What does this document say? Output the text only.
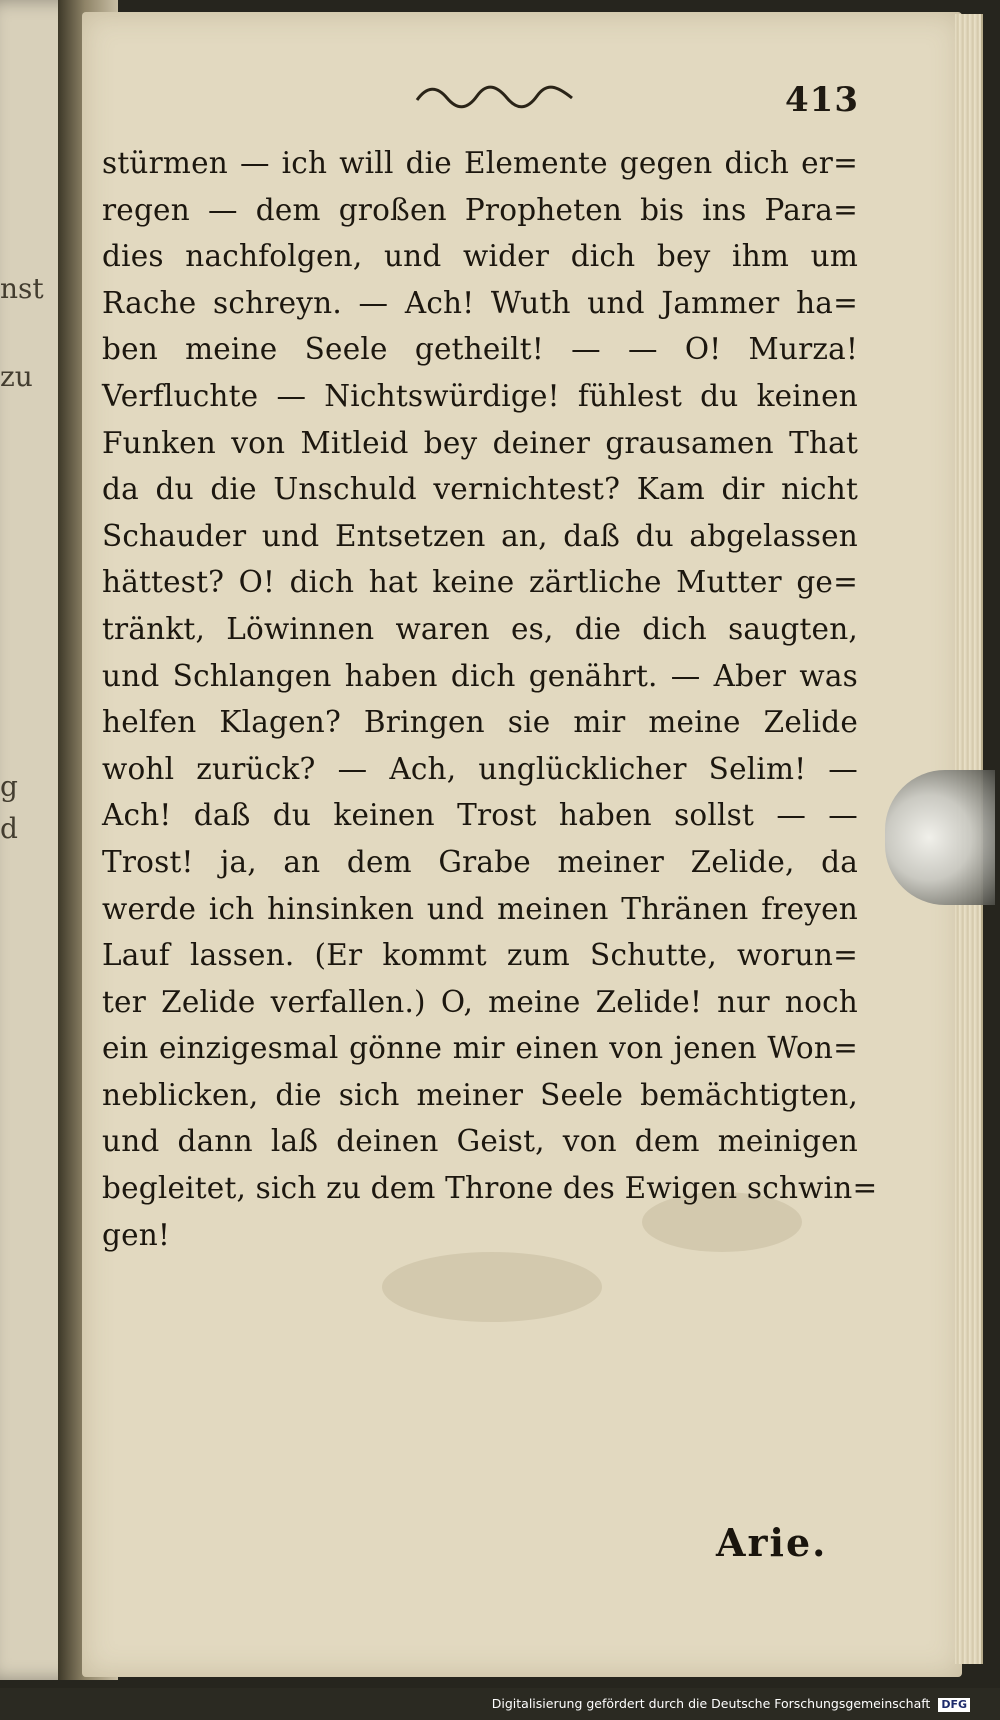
nst
zu
g
d
413
stürmen — ich will die Elemente gegen dich er=
regen — dem großen Propheten bis ins Para=
dies nachfolgen, und wider dich bey ihm um
Rache schreyn. — Ach! Wuth und Jammer ha=
ben meine Seele getheilt! — — O! Murza!
Verfluchte — Nichtswürdige! fühlest du keinen
Funken von Mitleid bey deiner grausamen That
da du die Unschuld vernichtest? Kam dir nicht
Schauder und Entsetzen an, daß du abgelassen
hättest? O! dich hat keine zärtliche Mutter ge=
tränkt, Löwinnen waren es, die dich saugten,
und Schlangen haben dich genährt. — Aber was
helfen Klagen? Bringen sie mir meine Zelide
wohl zurück? — Ach, unglücklicher Selim! —
Ach! daß du keinen Trost haben sollst — —
Trost! ja, an dem Grabe meiner Zelide, da
werde ich hinsinken und meinen Thränen freyen
Lauf lassen. (Er kommt zum Schutte, worun=
ter Zelide verfallen.) O, meine Zelide! nur noch
ein einzigesmal gönne mir einen von jenen Won=
neblicken, die sich meiner Seele bemächtigten,
und dann laß deinen Geist, von dem meinigen
begleitet, sich zu dem Throne des Ewigen schwin=
gen!
Arie.
Digitalisierung gefördert durch die Deutsche Forschungsgemeinschaft DFG
